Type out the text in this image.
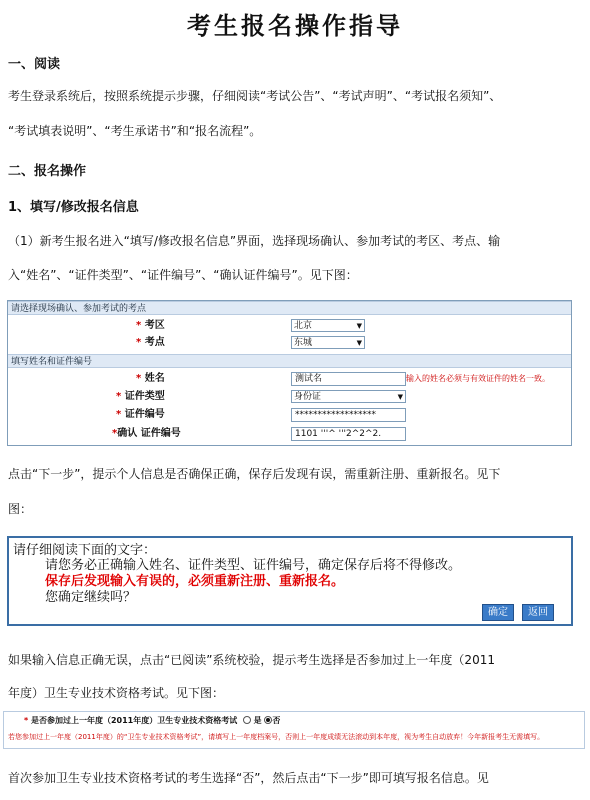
考生报名操作指导
一、阅读
考生登录系统后，按照系统提示步骤，仔细阅读“考试公告”、“考试声明”、“考试报名须知”、
“考试填表说明”、“考生承诺书”和“报名流程”。
二、报名操作
1、填写/修改报名信息
（1）新考生报名进入“填写/修改报名信息”界面，选择现场确认、参加考试的考区、考点、输
入“姓名”、“证件类型”、“证件编号”、“确认证件编号”。见下图：
请选择现场确认、参加考试的考点
* 考区	北京	▼
* 考点	东城	▼
填写姓名和证件编号
* 姓名	测试名	输入的姓名必须与有效证件的姓名一致。
* 证件类型	身份证	▼
* 证件编号	******************
*确认 证件编号	1101 '''^ '''2^2^2.
点击“下一步”，提示个人信息是否确保正确，保存后发现有误，需重新注册、重新报名。见下
图：
请仔细阅读下面的文字：
请您务必正确输入姓名、证件类型、证件编号，确定保存后将不得修改。
保存后发现输入有误的，必须重新注册、重新报名。
您确定继续吗？
确定	返回
如果输入信息正确无误，点击“已阅读”系统校验，提示考生选择是否参加过上一年度（2011
年度）卫生专业技术资格考试。见下图：
* 是否参加过上一年度（2011年度）卫生专业技术资格考试 是 否
若您参加过上一年度（2011年度）的“卫生专业技术资格考试”，请填写上一年度档案号，否则上一年度成绩无法滚动到本年度，视为考生自动放弃！今年新报考生无需填写。
首次参加卫生专业技术资格考试的考生选择“否”，然后点击“下一步”即可填写报名信息。见
